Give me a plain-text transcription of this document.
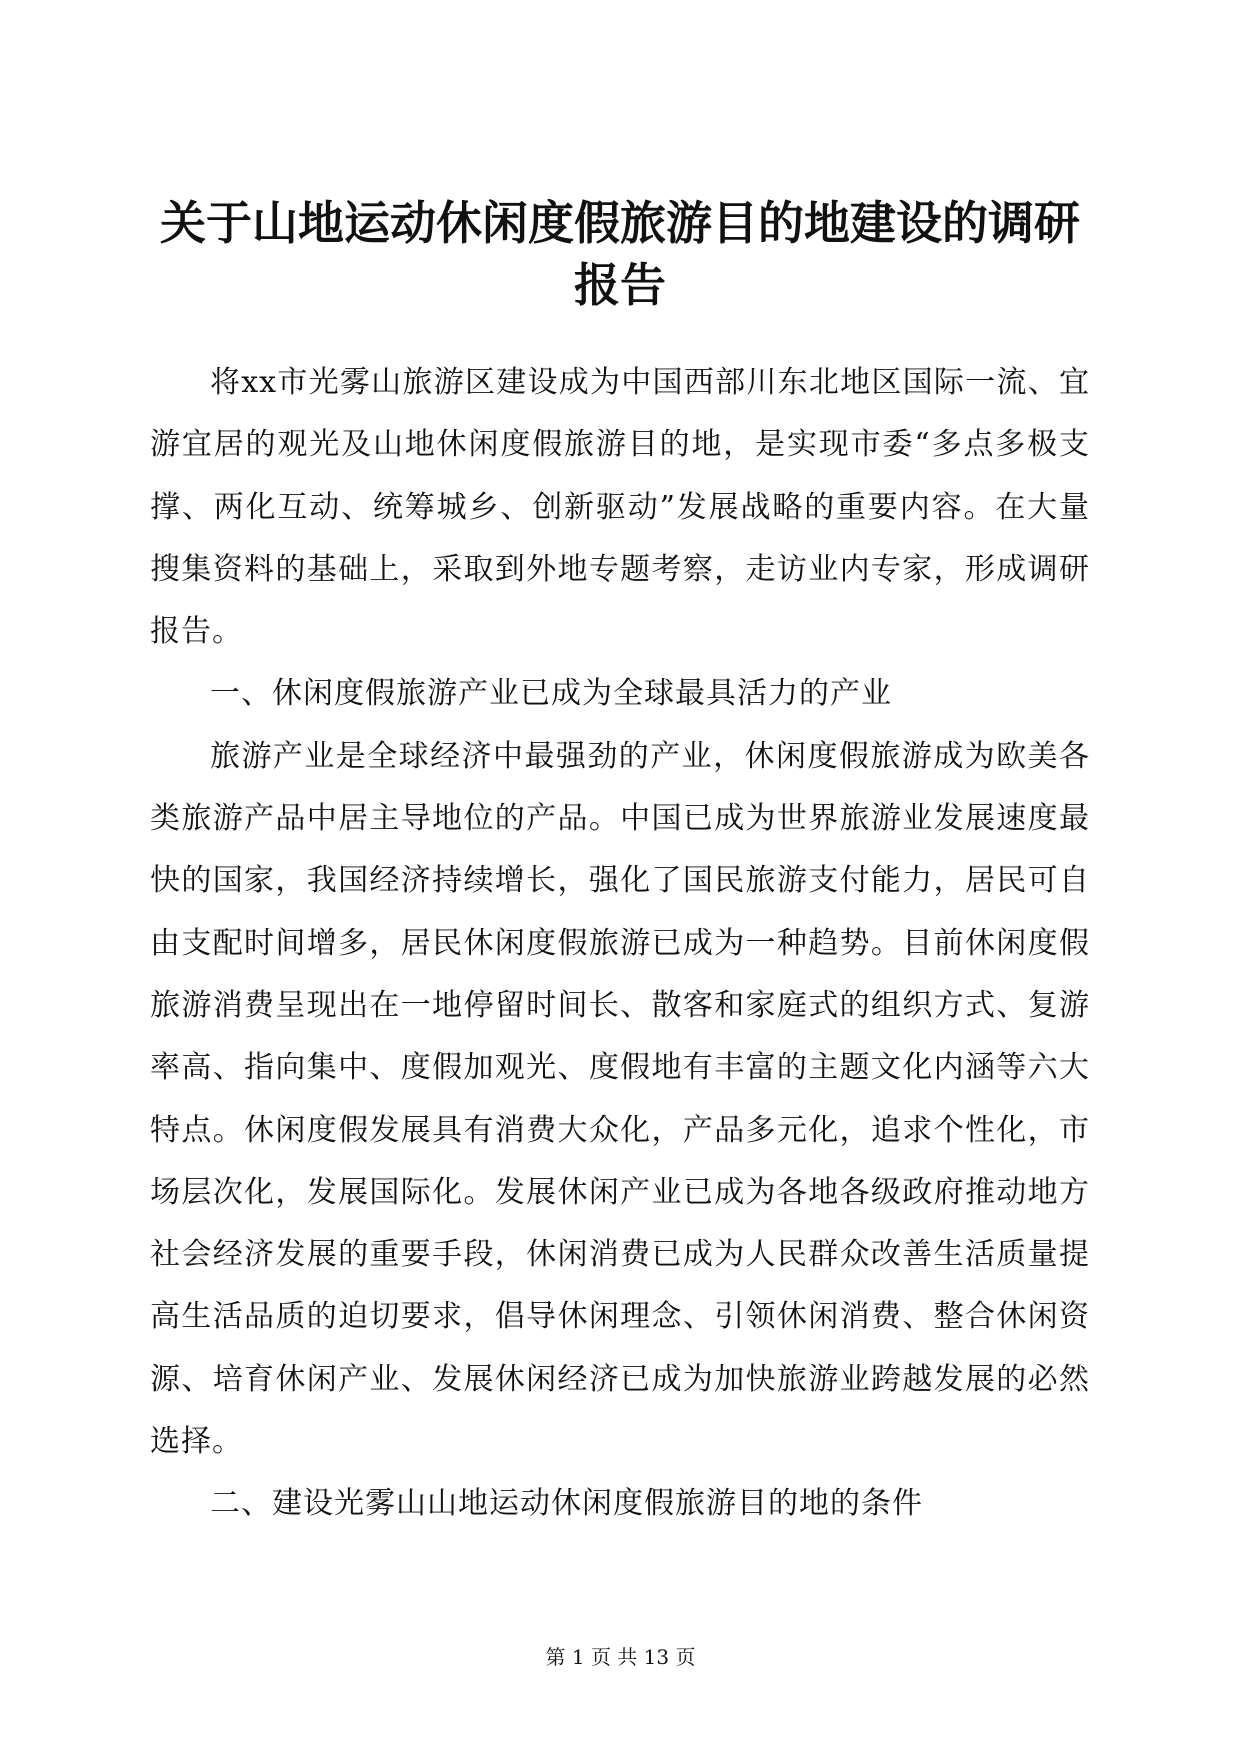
关于山地运动休闲度假旅游目的地建设的调研报告

将xx市光雾山旅游区建设成为中国西部川东北地区国际一流、宜游宜居的观光及山地休闲度假旅游目的地，是实现市委“多点多极支撑、两化互动、统筹城乡、创新驱动”发展战略的重要内容。在大量搜集资料的基础上，采取到外地专题考察，走访业内专家，形成调研报告。

一、休闲度假旅游产业已成为全球最具活力的产业

旅游产业是全球经济中最强劲的产业，休闲度假旅游成为欧美各类旅游产品中居主导地位的产品。中国已成为世界旅游业发展速度最快的国家，我国经济持续增长，强化了国民旅游支付能力，居民可自由支配时间增多，居民休闲度假旅游已成为一种趋势。目前休闲度假旅游消费呈现出在一地停留时间长、散客和家庭式的组织方式、复游率高、指向集中、度假加观光、度假地有丰富的主题文化内涵等六大特点。休闲度假发展具有消费大众化，产品多元化，追求个性化，市场层次化，发展国际化。发展休闲产业已成为各地各级政府推动地方社会经济发展的重要手段，休闲消费已成为人民群众改善生活质量提高生活品质的迫切要求，倡导休闲理念、引领休闲消费、整合休闲资源、培育休闲产业、发展休闲经济已成为加快旅游业跨越发展的必然选择。

二、建设光雾山山地运动休闲度假旅游目的地的条件

第 1 页 共 13 页
